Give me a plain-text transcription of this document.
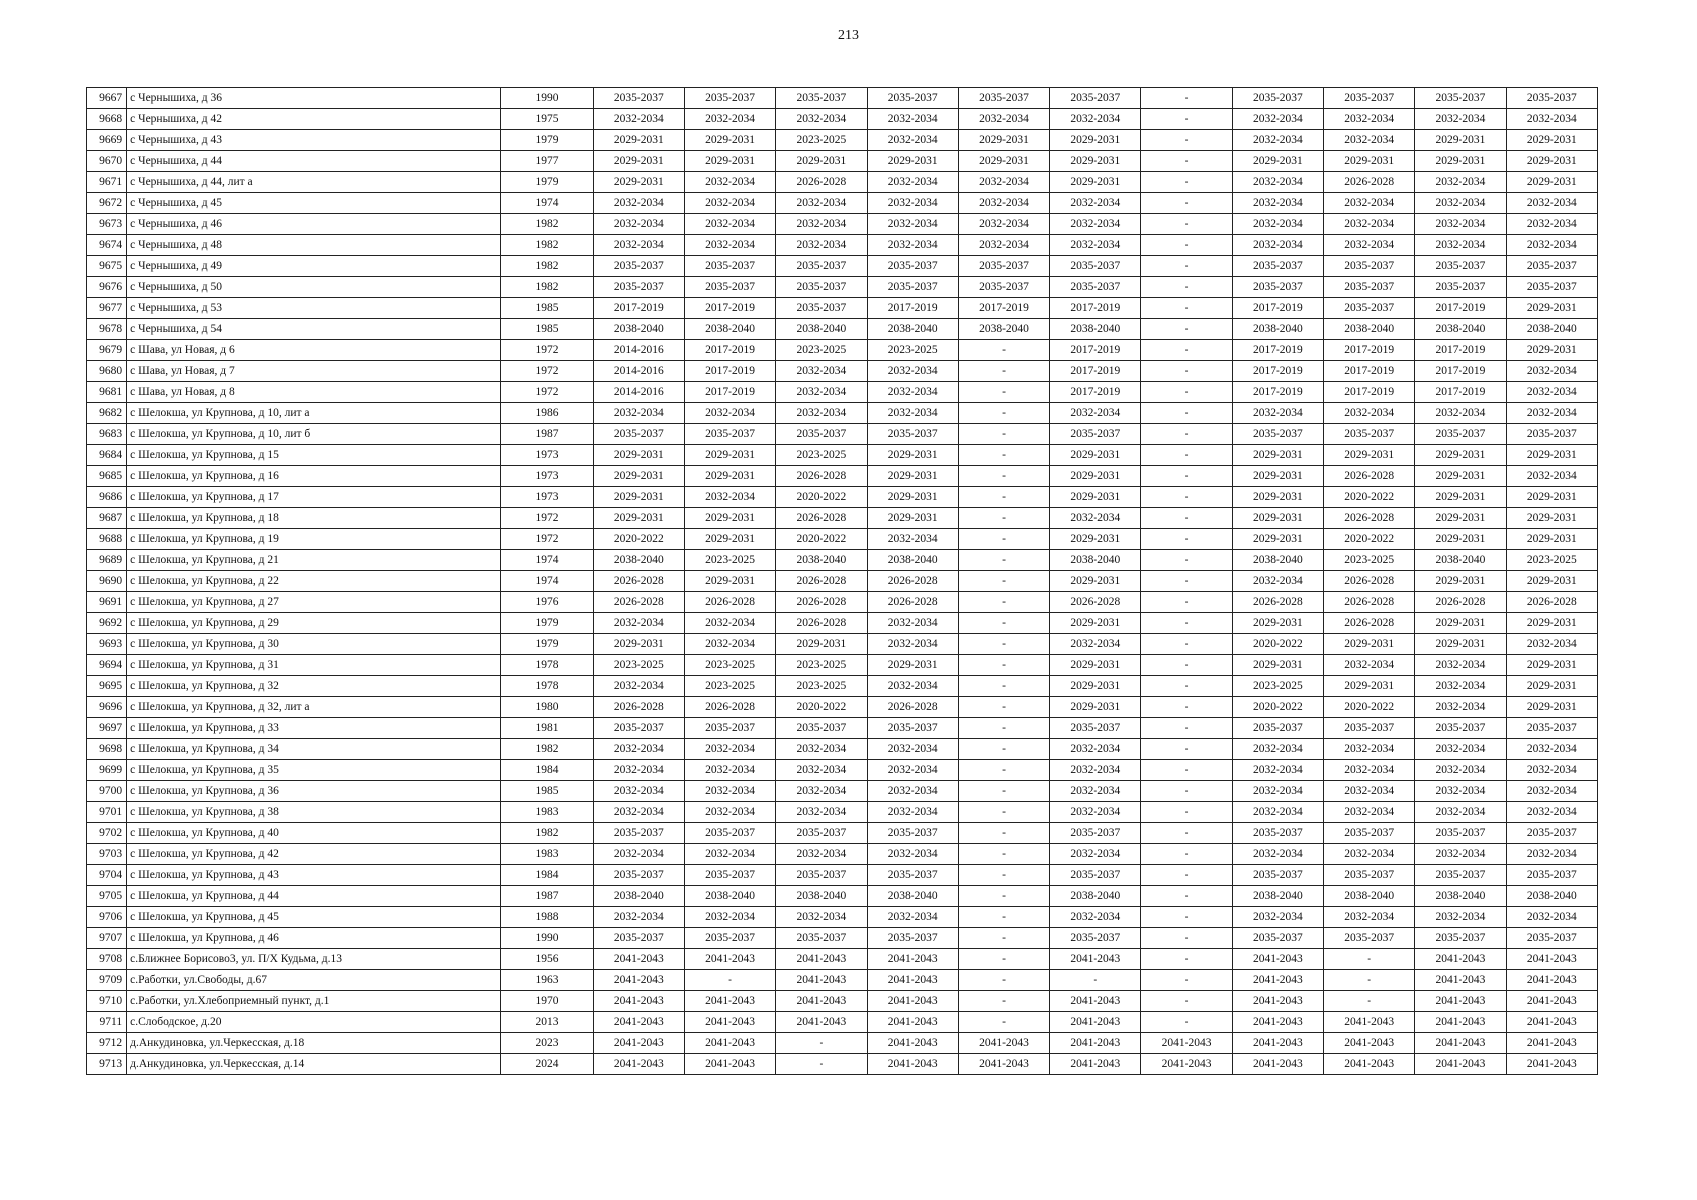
213
9667	с Чернышиха, д 36	1990	2035-2037	2035-2037	2035-2037	2035-2037	2035-2037	2035-2037	-	2035-2037	2035-2037	2035-2037	2035-2037
9668	с Чернышиха, д 42	1975	2032-2034	2032-2034	2032-2034	2032-2034	2032-2034	2032-2034	-	2032-2034	2032-2034	2032-2034	2032-2034
9669	с Чернышиха, д 43	1979	2029-2031	2029-2031	2023-2025	2032-2034	2029-2031	2029-2031	-	2032-2034	2032-2034	2029-2031	2029-2031
9670	с Чернышиха, д 44	1977	2029-2031	2029-2031	2029-2031	2029-2031	2029-2031	2029-2031	-	2029-2031	2029-2031	2029-2031	2029-2031
9671	с Чернышиха, д 44, лит а	1979	2029-2031	2032-2034	2026-2028	2032-2034	2032-2034	2029-2031	-	2032-2034	2026-2028	2032-2034	2029-2031
9672	с Чернышиха, д 45	1974	2032-2034	2032-2034	2032-2034	2032-2034	2032-2034	2032-2034	-	2032-2034	2032-2034	2032-2034	2032-2034
9673	с Чернышиха, д 46	1982	2032-2034	2032-2034	2032-2034	2032-2034	2032-2034	2032-2034	-	2032-2034	2032-2034	2032-2034	2032-2034
9674	с Чернышиха, д 48	1982	2032-2034	2032-2034	2032-2034	2032-2034	2032-2034	2032-2034	-	2032-2034	2032-2034	2032-2034	2032-2034
9675	с Чернышиха, д 49	1982	2035-2037	2035-2037	2035-2037	2035-2037	2035-2037	2035-2037	-	2035-2037	2035-2037	2035-2037	2035-2037
9676	с Чернышиха, д 50	1982	2035-2037	2035-2037	2035-2037	2035-2037	2035-2037	2035-2037	-	2035-2037	2035-2037	2035-2037	2035-2037
9677	с Чернышиха, д 53	1985	2017-2019	2017-2019	2035-2037	2017-2019	2017-2019	2017-2019	-	2017-2019	2035-2037	2017-2019	2029-2031
9678	с Чернышиха, д 54	1985	2038-2040	2038-2040	2038-2040	2038-2040	2038-2040	2038-2040	-	2038-2040	2038-2040	2038-2040	2038-2040
9679	с Шава, ул Новая, д 6	1972	2014-2016	2017-2019	2023-2025	2023-2025	-	2017-2019	-	2017-2019	2017-2019	2017-2019	2029-2031
9680	с Шава, ул Новая, д 7	1972	2014-2016	2017-2019	2032-2034	2032-2034	-	2017-2019	-	2017-2019	2017-2019	2017-2019	2032-2034
9681	с Шава, ул Новая, д 8	1972	2014-2016	2017-2019	2032-2034	2032-2034	-	2017-2019	-	2017-2019	2017-2019	2017-2019	2032-2034
9682	с Шелокша, ул Крупнова, д 10, лит а	1986	2032-2034	2032-2034	2032-2034	2032-2034	-	2032-2034	-	2032-2034	2032-2034	2032-2034	2032-2034
9683	с Шелокша, ул Крупнова, д 10, лит б	1987	2035-2037	2035-2037	2035-2037	2035-2037	-	2035-2037	-	2035-2037	2035-2037	2035-2037	2035-2037
9684	с Шелокша, ул Крупнова, д 15	1973	2029-2031	2029-2031	2023-2025	2029-2031	-	2029-2031	-	2029-2031	2029-2031	2029-2031	2029-2031
9685	с Шелокша, ул Крупнова, д 16	1973	2029-2031	2029-2031	2026-2028	2029-2031	-	2029-2031	-	2029-2031	2026-2028	2029-2031	2032-2034
9686	с Шелокша, ул Крупнова, д 17	1973	2029-2031	2032-2034	2020-2022	2029-2031	-	2029-2031	-	2029-2031	2020-2022	2029-2031	2029-2031
9687	с Шелокша, ул Крупнова, д 18	1972	2029-2031	2029-2031	2026-2028	2029-2031	-	2032-2034	-	2029-2031	2026-2028	2029-2031	2029-2031
9688	с Шелокша, ул Крупнова, д 19	1972	2020-2022	2029-2031	2020-2022	2032-2034	-	2029-2031	-	2029-2031	2020-2022	2029-2031	2029-2031
9689	с Шелокша, ул Крупнова, д 21	1974	2038-2040	2023-2025	2038-2040	2038-2040	-	2038-2040	-	2038-2040	2023-2025	2038-2040	2023-2025
9690	с Шелокша, ул Крупнова, д 22	1974	2026-2028	2029-2031	2026-2028	2026-2028	-	2029-2031	-	2032-2034	2026-2028	2029-2031	2029-2031
9691	с Шелокша, ул Крупнова, д 27	1976	2026-2028	2026-2028	2026-2028	2026-2028	-	2026-2028	-	2026-2028	2026-2028	2026-2028	2026-2028
9692	с Шелокша, ул Крупнова, д 29	1979	2032-2034	2032-2034	2026-2028	2032-2034	-	2029-2031	-	2029-2031	2026-2028	2029-2031	2029-2031
9693	с Шелокша, ул Крупнова, д 30	1979	2029-2031	2032-2034	2029-2031	2032-2034	-	2032-2034	-	2020-2022	2029-2031	2029-2031	2032-2034
9694	с Шелокша, ул Крупнова, д 31	1978	2023-2025	2023-2025	2023-2025	2029-2031	-	2029-2031	-	2029-2031	2032-2034	2032-2034	2029-2031
9695	с Шелокша, ул Крупнова, д 32	1978	2032-2034	2023-2025	2023-2025	2032-2034	-	2029-2031	-	2023-2025	2029-2031	2032-2034	2029-2031
9696	с Шелокша, ул Крупнова, д 32, лит а	1980	2026-2028	2026-2028	2020-2022	2026-2028	-	2029-2031	-	2020-2022	2020-2022	2032-2034	2029-2031
9697	с Шелокша, ул Крупнова, д 33	1981	2035-2037	2035-2037	2035-2037	2035-2037	-	2035-2037	-	2035-2037	2035-2037	2035-2037	2035-2037
9698	с Шелокша, ул Крупнова, д 34	1982	2032-2034	2032-2034	2032-2034	2032-2034	-	2032-2034	-	2032-2034	2032-2034	2032-2034	2032-2034
9699	с Шелокша, ул Крупнова, д 35	1984	2032-2034	2032-2034	2032-2034	2032-2034	-	2032-2034	-	2032-2034	2032-2034	2032-2034	2032-2034
9700	с Шелокша, ул Крупнова, д 36	1985	2032-2034	2032-2034	2032-2034	2032-2034	-	2032-2034	-	2032-2034	2032-2034	2032-2034	2032-2034
9701	с Шелокша, ул Крупнова, д 38	1983	2032-2034	2032-2034	2032-2034	2032-2034	-	2032-2034	-	2032-2034	2032-2034	2032-2034	2032-2034
9702	с Шелокша, ул Крупнова, д 40	1982	2035-2037	2035-2037	2035-2037	2035-2037	-	2035-2037	-	2035-2037	2035-2037	2035-2037	2035-2037
9703	с Шелокша, ул Крупнова, д 42	1983	2032-2034	2032-2034	2032-2034	2032-2034	-	2032-2034	-	2032-2034	2032-2034	2032-2034	2032-2034
9704	с Шелокша, ул Крупнова, д 43	1984	2035-2037	2035-2037	2035-2037	2035-2037	-	2035-2037	-	2035-2037	2035-2037	2035-2037	2035-2037
9705	с Шелокша, ул Крупнова, д 44	1987	2038-2040	2038-2040	2038-2040	2038-2040	-	2038-2040	-	2038-2040	2038-2040	2038-2040	2038-2040
9706	с Шелокша, ул Крупнова, д 45	1988	2032-2034	2032-2034	2032-2034	2032-2034	-	2032-2034	-	2032-2034	2032-2034	2032-2034	2032-2034
9707	с Шелокша, ул Крупнова, д 46	1990	2035-2037	2035-2037	2035-2037	2035-2037	-	2035-2037	-	2035-2037	2035-2037	2035-2037	2035-2037
9708	с.Ближнее Борисово3, ул. П/Х Кудьма, д.13	1956	2041-2043	2041-2043	2041-2043	2041-2043	-	2041-2043	-	2041-2043	-	2041-2043	2041-2043
9709	с.Работки, ул.Свободы, д.67	1963	2041-2043	-	2041-2043	2041-2043	-	-	-	2041-2043	-	2041-2043	2041-2043
9710	с.Работки, ул.Хлебоприемный пункт, д.1	1970	2041-2043	2041-2043	2041-2043	2041-2043	-	2041-2043	-	2041-2043	-	2041-2043	2041-2043
9711	с.Слободское, д.20	2013	2041-2043	2041-2043	2041-2043	2041-2043	-	2041-2043	-	2041-2043	2041-2043	2041-2043	2041-2043
9712	д.Анкудиновка, ул.Черкесская, д.18	2023	2041-2043	2041-2043	-	2041-2043	2041-2043	2041-2043	2041-2043	2041-2043	2041-2043	2041-2043	2041-2043
9713	д.Анкудиновка, ул.Черкесская, д.14	2024	2041-2043	2041-2043	-	2041-2043	2041-2043	2041-2043	2041-2043	2041-2043	2041-2043	2041-2043	2041-2043
